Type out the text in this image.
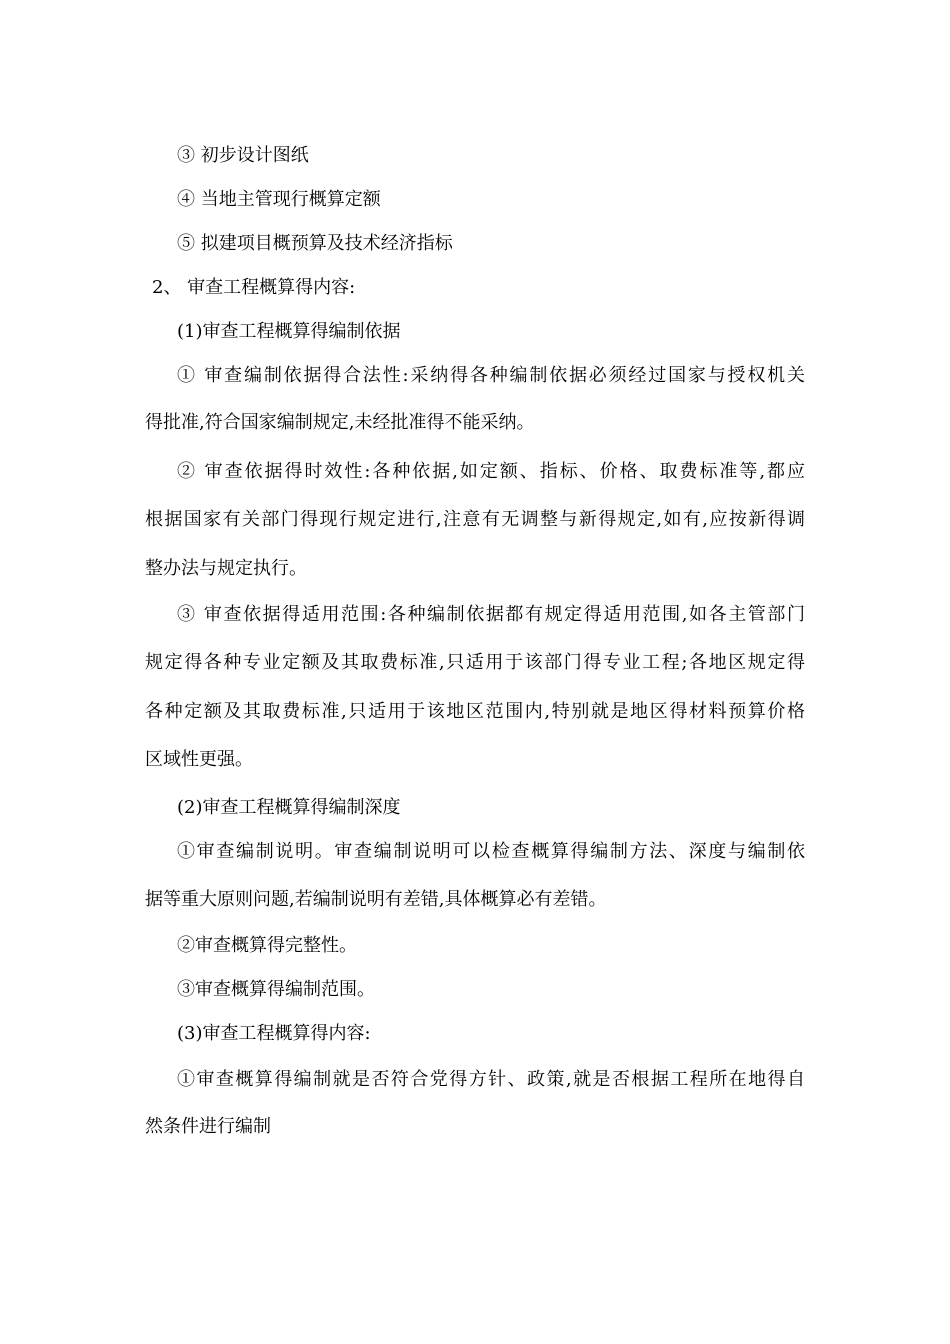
③ 初步设计图纸
④ 当地主管现行概算定额
⑤ 拟建项目概预算及技术经济指标
2、 审查工程概算得内容:
(1)审查工程概算得编制依据
① 审查编制依据得合法性:采纳得各种编制依据必须经过国家与授权机关
得批准,符合国家编制规定,未经批准得不能采纳。
② 审查依据得时效性:各种依据,如定额、指标、价格、取费标准等,都应
根据国家有关部门得现行规定进行,注意有无调整与新得规定,如有,应按新得调
整办法与规定执行。
③ 审查依据得适用范围:各种编制依据都有规定得适用范围,如各主管部门
规定得各种专业定额及其取费标准,只适用于该部门得专业工程;各地区规定得
各种定额及其取费标准,只适用于该地区范围内,特别就是地区得材料预算价格
区域性更强。
(2)审查工程概算得编制深度
①审查编制说明。审查编制说明可以检查概算得编制方法、深度与编制依
据等重大原则问题,若编制说明有差错,具体概算必有差错。
②审查概算得完整性。
③审查概算得编制范围。
(3)审查工程概算得内容:
①审查概算得编制就是否符合党得方针、政策,就是否根据工程所在地得自
然条件进行编制
